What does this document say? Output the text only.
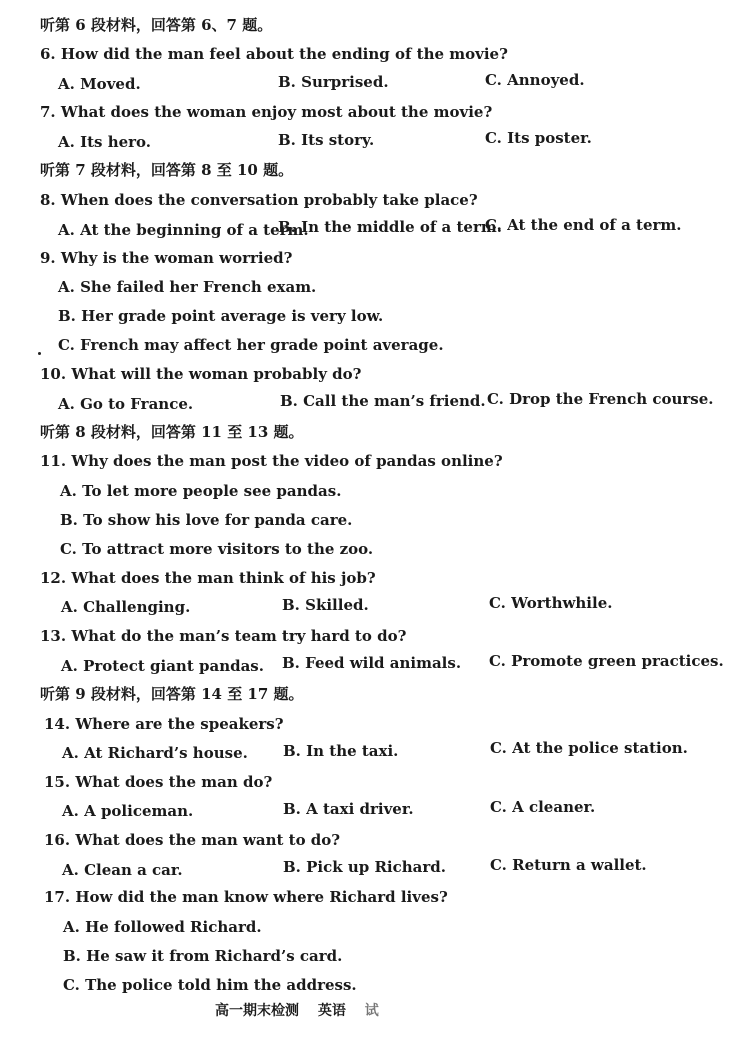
听第 6 段材料，回答第 6、7 题。
6. How did the man feel about the ending of the movie?
A. Moved.	B. Surprised.	C. Annoyed.
7. What does the woman enjoy most about the movie?
A. Its hero.	B. Its story.	C. Its poster.
听第 7 段材料，回答第 8 至 10 题。
8. When does the conversation probably take place?
A. At the beginning of a term.
B. In the middle of a term.
C. At the end of a term.
9. Why is the woman worried?
A. She failed her French exam.
B. Her grade point average is very low.
C. French may affect her grade point average.
10. What will the woman probably do?
A. Go to France.	B. Call the man’s friend. C. Drop the French course.
听第 8 段材料，回答第 11 至 13 题。
11. Why does the man post the video of pandas online?
A. To let more people see pandas.
B. To show his love for panda care.
C. To attract more visitors to the zoo.
12. What does the man think of his job?
A. Challenging.	B. Skilled.	C. Worthwhile.
13. What do the man’s team try hard to do?
A. Protect giant pandas. B. Feed wild animals. C. Promote green practices.
听第 9 段材料，回答第 14 至 17 题。
14. Where are the speakers?
A. At Richard’s house. B. In the taxi.	C. At the police station.
15. What does the man do?
A. A policeman.	B. A taxi driver.	C. A cleaner.
16. What does the man want to do?
A. Clean a car.	B. Pick up Richard.	C. Return a wallet.
17. How did the man know where Richard lives?
A. He followed Richard.
B. He saw it from Richard’s card.
C. The police told him the address.
高一期末检测 英语 试
